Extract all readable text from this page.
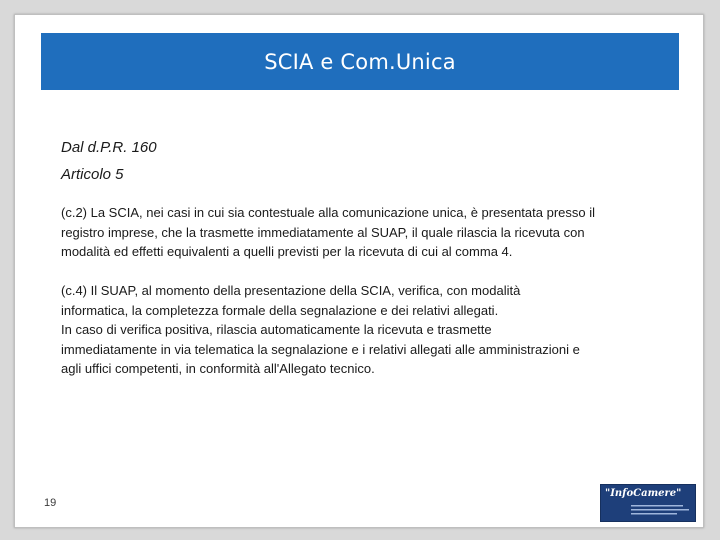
SCIA e Com.Unica
Dal d.P.R. 160
Articolo 5

(c.2) La SCIA, nei casi in cui sia contestuale alla comunicazione unica, è presentata presso il
registro imprese, che la trasmette immediatamente al SUAP, il quale rilascia la ricevuta con
modalità ed effetti equivalenti a quelli previsti per la ricevuta di cui al comma 4.

(c.4) Il SUAP, al momento della presentazione della SCIA, verifica, con modalità
informatica, la completezza formale della segnalazione e dei relativi allegati.
In caso di verifica positiva, rilascia automaticamente la ricevuta e trasmette
immediatamente in via telematica la segnalazione e i relativi allegati alle amministrazioni e
agli uffici competenti, in conformità all'Allegato tecnico.

19
"InfoCamere"
